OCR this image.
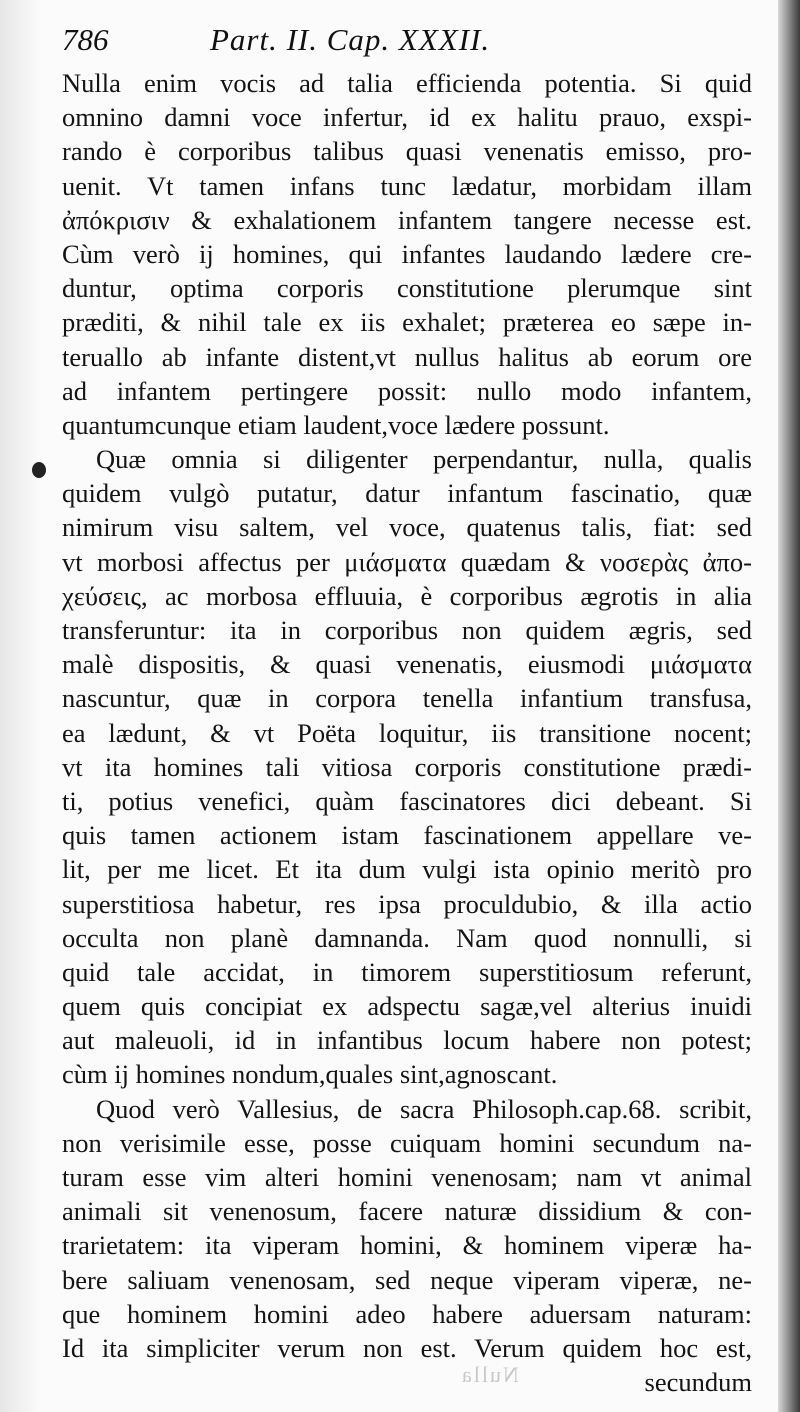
786	Part. II. Cap. XXXII.
Nulla enim vocis ad talia efficienda potentia. Si quid
omnino damni voce infertur, id ex halitu prauo, exspi-
rando è corporibus talibus quasi venenatis emisso, pro-
uenit. Vt tamen infans tunc lædatur, morbidam illam
ἀπόκρισιν & exhalationem infantem tangere necesse est.
Cùm verò ij homines, qui infantes laudando lædere cre-
duntur, optima corporis constitutione plerumque sint
præditi, & nihil tale ex iis exhalet; præterea eo sæpe in-
teruallo ab infante distent,vt nullus halitus ab eorum ore
ad infantem pertingere possit: nullo modo infantem,
quantumcunque etiam laudent,voce lædere possunt.
Quæ omnia si diligenter perpendantur, nulla, qualis
quidem vulgò putatur, datur infantum fascinatio, quæ
nimirum visu saltem, vel voce, quatenus talis, fiat: sed
vt morbosi affectus per μιάσματα quædam & νοσερὰς ἀπο-
χεύσεις, ac morbosa effluuia, è corporibus ægrotis in alia
transferuntur: ita in corporibus non quidem ægris, sed
malè dispositis, & quasi venenatis, eiusmodi μιάσματα
nascuntur, quæ in corpora tenella infantium transfusa,
ea lædunt, & vt Poëta loquitur, iis transitione nocent;
vt ita homines tali vitiosa corporis constitutione prædi-
ti, potius venefici, quàm fascinatores dici debeant. Si
quis tamen actionem istam fascinationem appellare ve-
lit, per me licet. Et ita dum vulgi ista opinio meritò pro
superstitiosa habetur, res ipsa proculdubio, & illa actio
occulta non planè damnanda. Nam quod nonnulli, si
quid tale accidat, in timorem superstitiosum referunt,
quem quis concipiat ex adspectu sagæ,vel alterius inuidi
aut maleuoli, id in infantibus locum habere non potest;
cùm ij homines nondum,quales sint,agnoscant.
Quod verò Vallesius, de sacra Philosoph.cap.68. scribit,
non verisimile esse, posse cuiquam homini secundum na-
turam esse vim alteri homini venenosam; nam vt animal
animali sit venenosum, facere naturæ dissidium & con-
trarietatem: ita viperam homini, & hominem viperæ ha-
bere saliuam venenosam, sed neque viperam viperæ, ne-
que hominem homini adeo habere aduersam naturam:
Id ita simpliciter verum non est. Verum quidem hoc est,
secundum
Nulla
